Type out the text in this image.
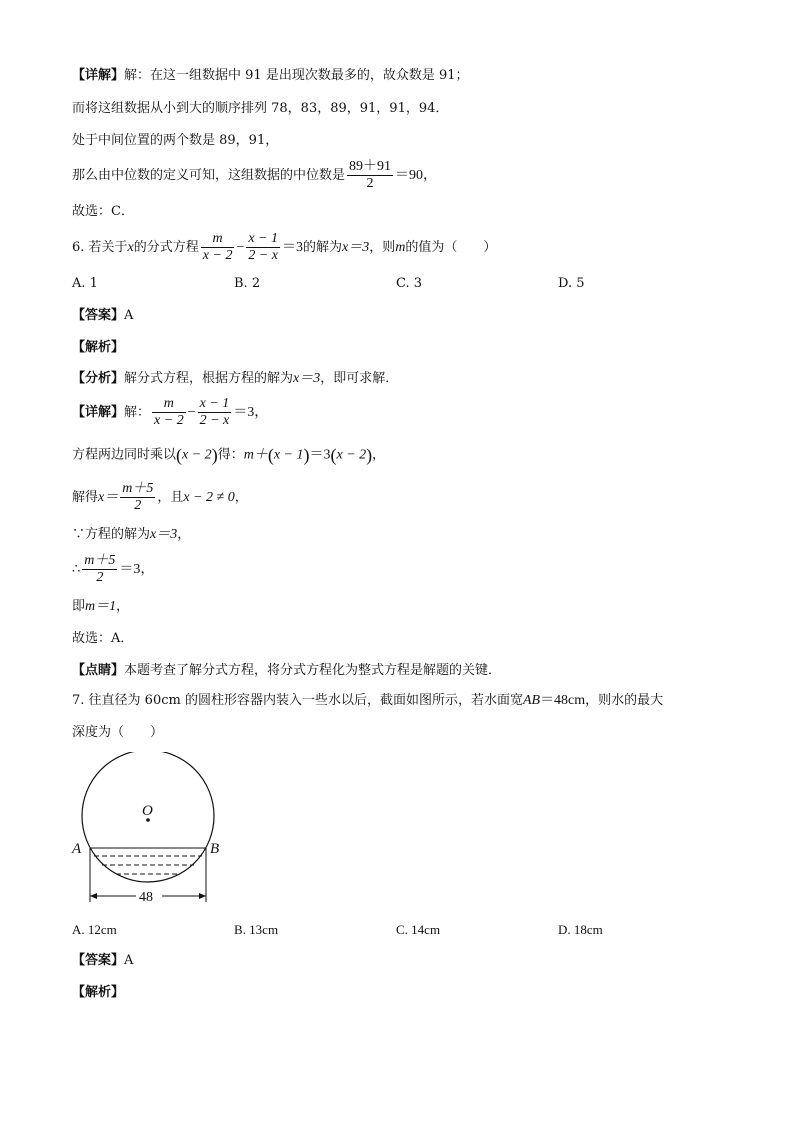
【详解】解：在这一组数据中 91 是出现次数最多的，故众数是 91；
而将这组数据从小到大的顺序排列 78，83，89，91，91，94．
处于中间位置的两个数是 89，91，
那么由中位数的定义可知，这组数据的中位数是 $\frac{89+91}{2} =90$，
故选：C．
6. 若关于x的分式方程 $\frac{m}{x - 2} - \frac{x - 1}{2 - x} =3$的解为x＝3，则m的值为（　　）
A. 1	B. 2	C. 3	D. 5
【答案】A
【解析】
【分析】解分式方程，根据方程的解为x＝3，即可求解．
【详解】解： $\frac{m}{x - 2} - \frac{x - 1}{2 - x} =3$，
方程两边同时乘以(x − 2)得：m＋(x − 1)＝3(x − 2)，
解得$x= \frac{m+5}{2}$ ，且x − 2 ≠ 0，
∵方程的解为x＝3，
∴ $\frac{m+5}{2} =3$，
即m＝1，
故选：A．
【点睛】本题考查了解分式方程，将分式方程化为整式方程是解题的关键．
7. 往直径为 60cm 的圆柱形容器内装入一些水以后，截面如图所示，若水面宽AB＝48cm，则水的最大
深度为（　　）
O
A	B
48
A. 12cm	B. 13cm	C. 14cm	D. 18cm
【答案】A
【解析】
